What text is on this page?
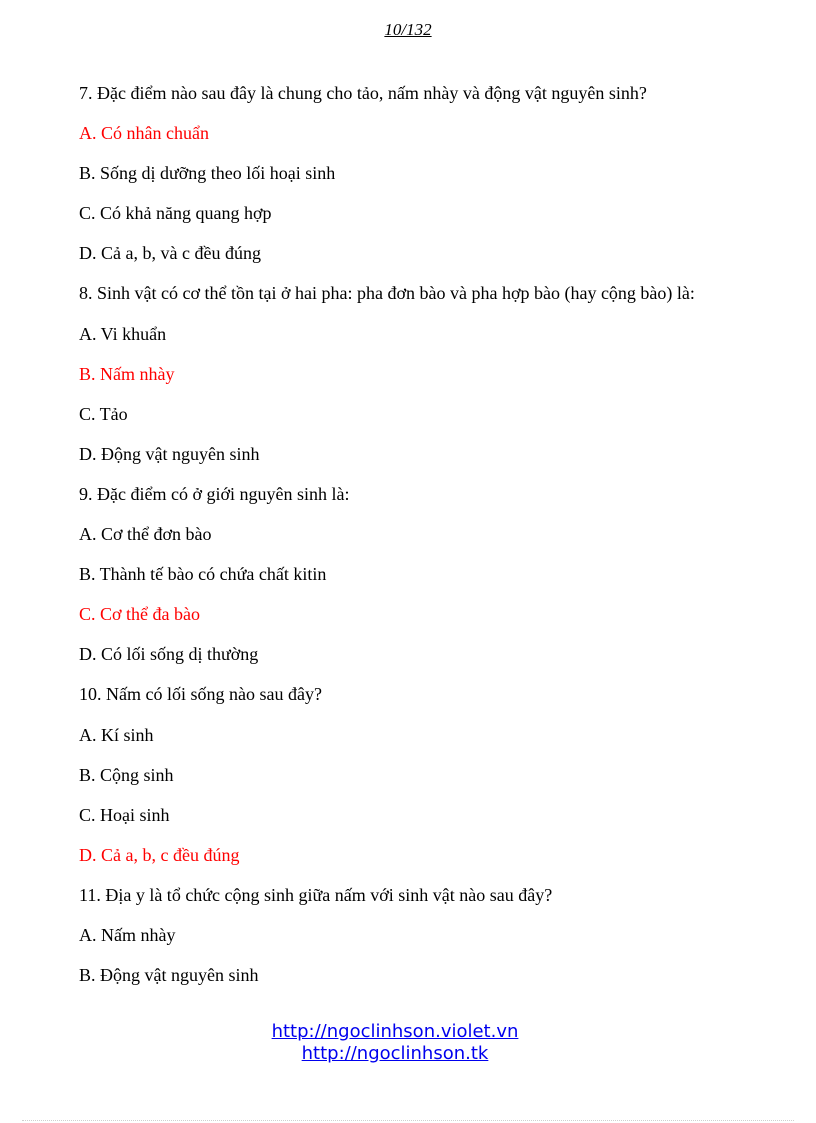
10/132
7. Đặc điểm nào sau đây là chung cho tảo, nấm nhày và động vật nguyên sinh?
A. Có nhân chuẩn
B. Sống dị dưỡng theo lối hoại sinh
C. Có khả năng quang hợp
D. Cả a, b, và c đều đúng
8. Sinh vật có cơ thể tồn tại ở hai pha: pha đơn bào và pha hợp bào (hay cộng bào) là:
A. Vi khuẩn
B. Nấm nhày
C. Tảo
D. Động vật nguyên sinh
9. Đặc điểm có ở giới nguyên sinh là:
A. Cơ thể đơn bào
B. Thành tế bào có chứa chất kitin
C. Cơ thể đa bào
D. Có lối sống dị thường
10. Nấm có lối sống nào sau đây?
A. Kí sinh
B. Cộng sinh
C. Hoại sinh
D. Cả a, b, c đều đúng
11. Địa y là tổ chức cộng sinh giữa nấm với sinh vật nào sau đây?
A. Nấm nhày
B. Động vật nguyên sinh
http://ngoclinhson.violet.vn
http://ngoclinhson.tk
